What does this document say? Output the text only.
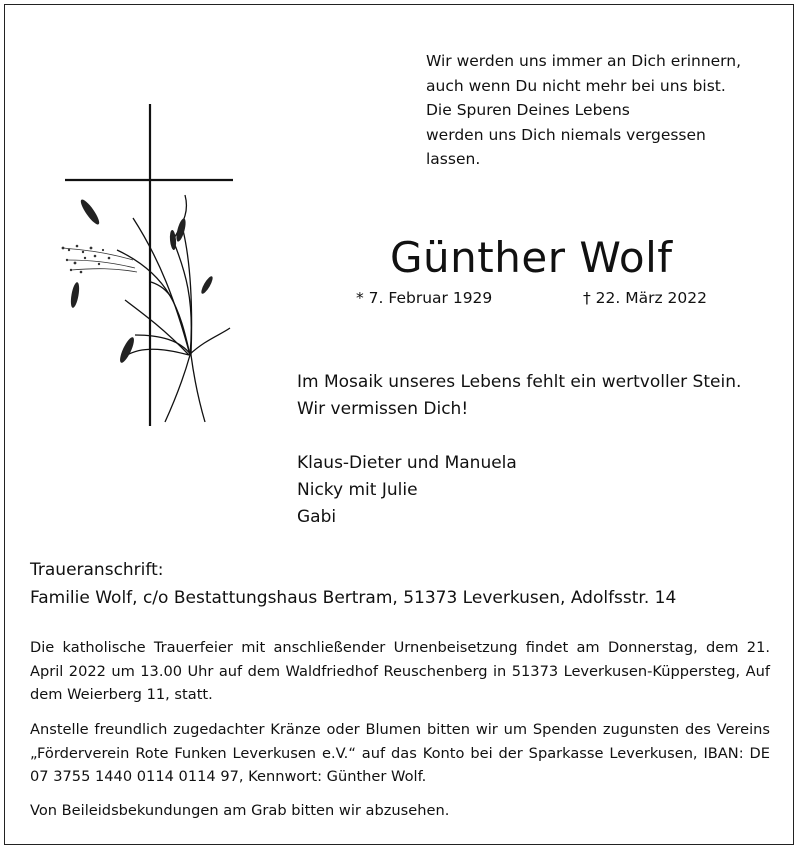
Wir werden uns immer an Dich erinnern,
auch wenn Du nicht mehr bei uns bist.
Die Spuren Deines Lebens
werden uns Dich niemals vergessen
lassen.
Günther Wolf
* 7. Februar 1929	† 22. März 2022
Im Mosaik unseres Lebens fehlt ein wertvoller Stein.
Wir vermissen Dich!
Klaus-Dieter und Manuela
Nicky mit Julie
Gabi
Traueranschrift:
Familie Wolf, c/o Bestattungshaus Bertram, 51373 Leverkusen, Adolfsstr. 14
Die katholische Trauerfeier mit anschließender Urnenbeisetzung findet am Donnerstag, dem 21. April 2022 um 13.00 Uhr auf dem Waldfriedhof Reuschenberg in 51373 Leverkusen-Küppersteg, Auf dem Weierberg 11, statt.
Anstelle freundlich zugedachter Kränze oder Blumen bitten wir um Spenden zugunsten des Vereins „Förderverein Rote Funken Leverkusen e.V.“ auf das Konto bei der Sparkasse Leverkusen, IBAN: DE 07 3755 1440 0114 0114 97, Kennwort: Günther Wolf.
Von Beileidsbekundungen am Grab bitten wir abzusehen.
